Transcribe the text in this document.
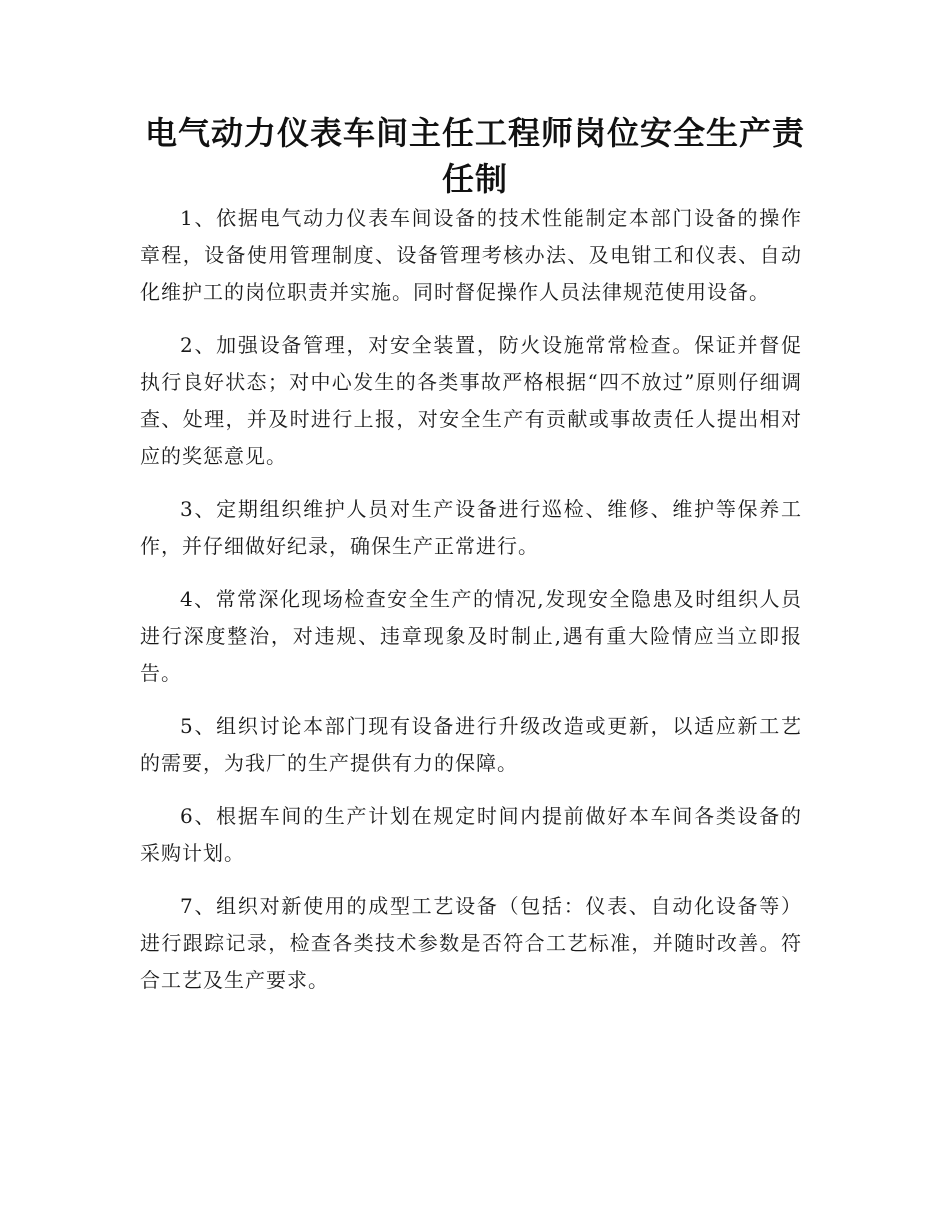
电气动力仪表车间主任工程师岗位安全生产责任制

1、依据电气动力仪表车间设备的技术性能制定本部门设备的操作章程，设备使用管理制度、设备管理考核办法、及电钳工和仪表、自动化维护工的岗位职责并实施。同时督促操作人员法律规范使用设备。

2、加强设备管理，对安全装置，防火设施常常检查。保证并督促执行良好状态；对中心发生的各类事故严格根据“四不放过”原则仔细调查、处理，并及时进行上报，对安全生产有贡献或事故责任人提出相对应的奖惩意见。

3、定期组织维护人员对生产设备进行巡检、维修、维护等保养工作，并仔细做好纪录，确保生产正常进行。

4、常常深化现场检查安全生产的情况,发现安全隐患及时组织人员进行深度整治，对违规、违章现象及时制止,遇有重大险情应当立即报告。

5、组织讨论本部门现有设备进行升级改造或更新，以适应新工艺的需要，为我厂的生产提供有力的保障。

6、根据车间的生产计划在规定时间内提前做好本车间各类设备的采购计划。

7、组织对新使用的成型工艺设备（包括：仪表、自动化设备等）进行跟踪记录，检查各类技术参数是否符合工艺标准，并随时改善。符合工艺及生产要求。
